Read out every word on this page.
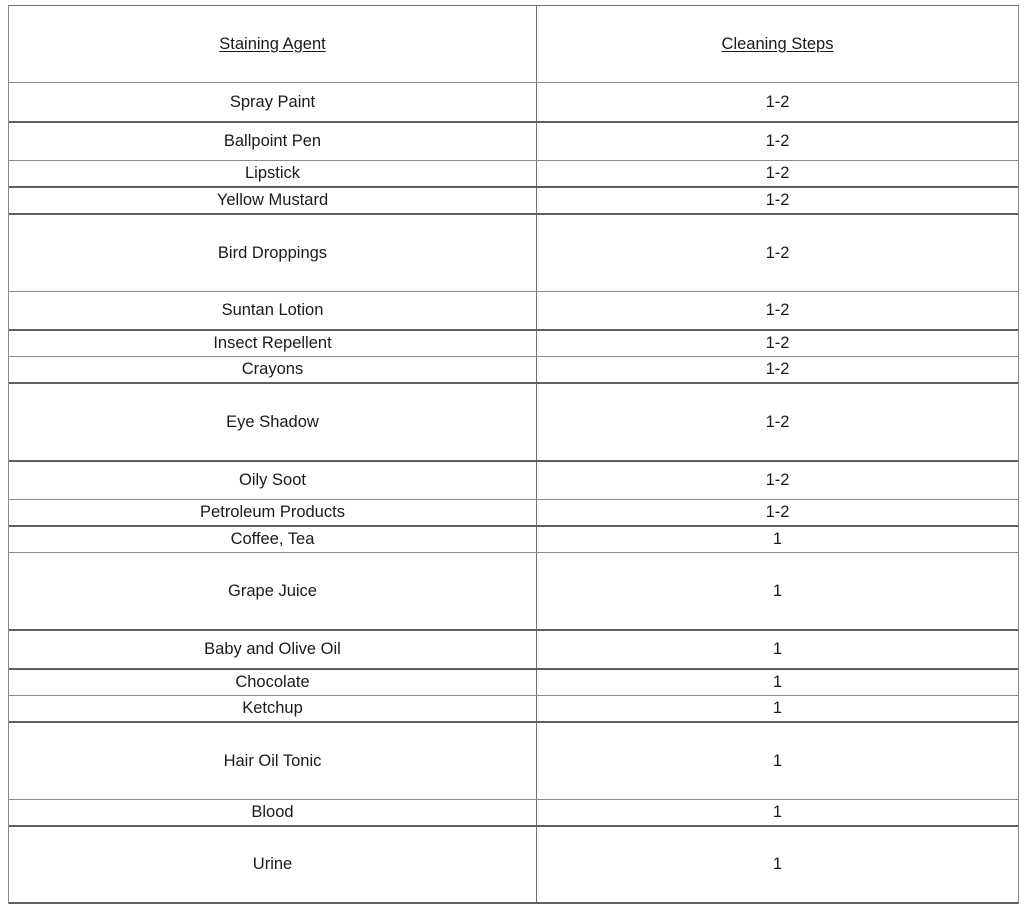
Staining Agent	Cleaning Steps
Spray Paint	1-2
Ballpoint Pen	1-2
Lipstick	1-2
Yellow Mustard	1-2
Bird Droppings	1-2
Suntan Lotion	1-2
Insect Repellent	1-2
Crayons	1-2
Eye Shadow	1-2
Oily Soot	1-2
Petroleum Products	1-2
Coffee, Tea	1
Grape Juice	1
Baby and Olive Oil	1
Chocolate	1
Ketchup	1
Hair Oil Tonic	1
Blood	1
Urine	1
